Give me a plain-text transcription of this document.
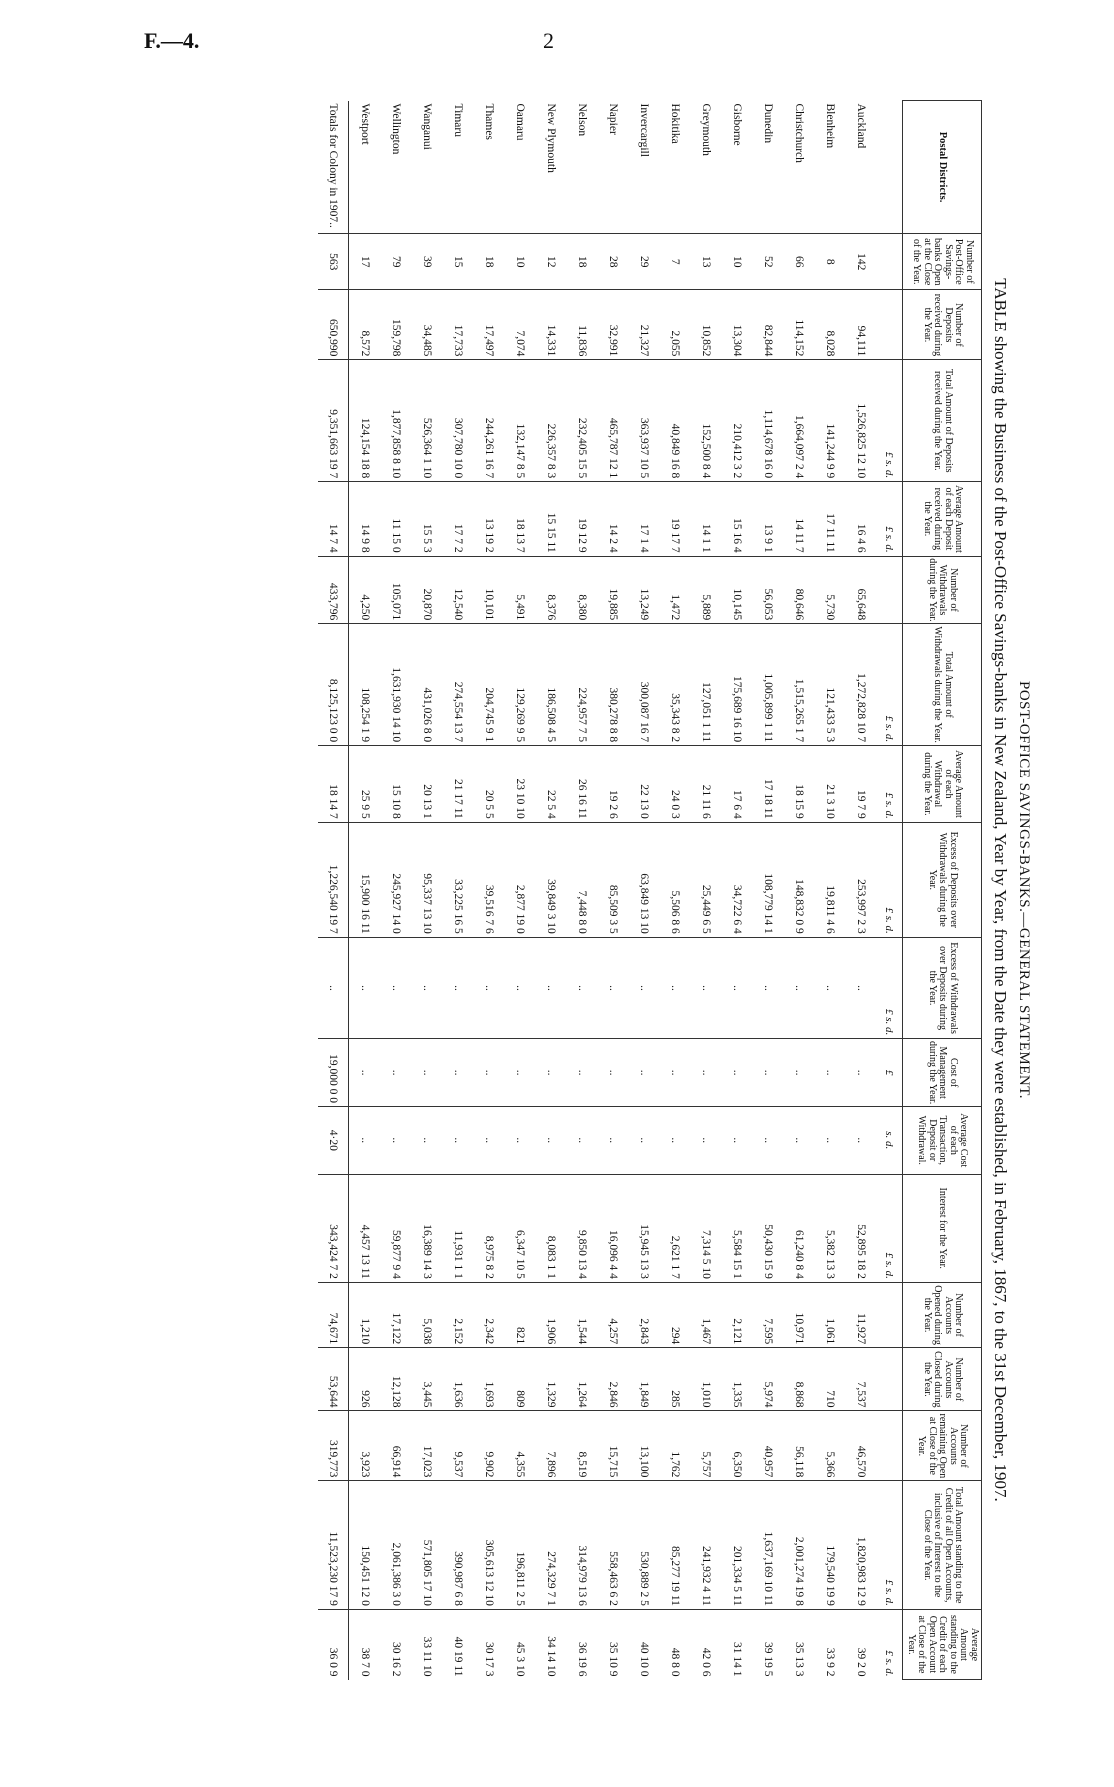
F.—4.	2
POST-OFFICE SAVINGS-BANKS.—GENERAL STATEMENT.
TABLE showing the Business of the Post-Office Savings-banks in New Zealand, Year by Year, from the Date they were established, in February, 1867, to the 31st December, 1907.
Postal Districts.	Number of Post-Office Savings-banks Open at the Close of the Year.	Number of Deposits received during the Year.	Total Amount of Deposits received during the Year.	Average Amount of each Deposit received during the Year.	Number of Withdrawals during the Year.	Total Amount of Withdrawals during the Year.	Average Amount of each Withdrawal during the Year.	Excess of Deposits over Withdrawals during the Year.	Excess of Withdrawals over Deposits during the Year.	Cost of Management during the Year.	Average Cost of each Transaction, Deposit or Withdrawal.	Interest for the Year.	Number of Accounts Opened during the Year.	Number of Accounts Closed during the Year.	Number of Accounts remaining Open at Close of the Year.	Total Amount standing to the Credit of all Open Accounts, inclusive of Interest to the Close of the Year.	Average Amount standing to the Credit of each Open Account at Close of the Year.
			£ s. d.	£ s. d.		£ s. d.	£ s. d.	£ s. d.	£ s. d.	£	s. d.	£ s. d.				£ s. d.	£ s. d.
Auckland	142	94,111	1,526,825 12 10	16 4 6	65,648	1,272,828 10 7	19 7 9	253,997 2 3	..	..	..	52,895 18 2	11,927	7,537	46,570	1,820,983 12 9	39 2 0
Blenheim	8	8,028	141,244 9 9	17 11 11	5,730	121,433 5 3	21 3 10	19,811 4 6	..	..	..	5,382 13 3	1,061	710	5,366	179,540 19 9	33 9 2
Christchurch	66	114,152	1,664,097 2 4	14 11 7	80,646	1,515,265 1 7	18 15 9	148,832 0 9	..	..	..	61,240 8 4	10,971	8,868	56,118	2,001,274 19 8	35 13 3
Dunedin	52	82,844	1,114,678 16 0	13 9 1	56,053	1,005,899 1 11	17 18 11	108,779 14 1	..	..	..	50,430 15 9	7,595	5,974	40,957	1,637,169 10 11	39 19 5
Gisborne	10	13,304	210,412 3 2	15 16 4	10,145	175,689 16 10	17 6 4	34,722 6 4	..	..	..	5,584 15 1	2,121	1,335	6,350	201,334 5 11	31 14 1
Greymouth	13	10,852	152,500 8 4	14 1 1	5,889	127,051 1 11	21 11 6	25,449 6 5	..	..	..	7,314 5 10	1,467	1,010	5,757	241,932 4 11	42 0 6
Hokitika	7	2,055	40,849 16 8	19 17 7	1,472	35,343 8 2	24 0 3	5,506 8 6	..	..	..	2,621 1 7	294	285	1,762	85,277 19 11	48 8 0
Invercargill	29	21,327	363,937 10 5	17 1 4	13,249	300,087 16 7	22 13 0	63,849 13 10	..	..	..	15,945 13 3	2,843	1,849	13,100	530,889 2 5	40 10 0
Napier	28	32,991	465,787 12 1	14 2 4	19,885	380,278 8 8	19 2 6	85,509 3 5	..	..	..	16,096 4 4	4,257	2,846	15,715	558,463 6 2	35 10 9
Nelson	18	11,836	232,405 15 5	19 12 9	8,380	224,957 7 5	26 16 11	7,448 8 0	..	..	..	9,850 13 4	1,544	1,264	8,519	314,979 13 6	36 19 6
New Plymouth	12	14,331	226,357 8 3	15 15 11	8,376	186,508 4 5	22 5 4	39,849 3 10	..	..	..	8,083 1 1	1,906	1,329	7,896	274,329 7 1	34 14 10
Oamaru	10	7,074	132,147 8 5	18 13 7	5,491	129,269 9 5	23 10 10	2,877 19 0	..	..	..	6,347 10 5	821	809	4,355	196,811 2 5	45 3 10
Thames	18	17,497	244,261 16 7	13 19 2	10,101	204,745 9 1	20 5 5	39,516 7 6	..	..	..	8,975 8 2	2,342	1,693	9,902	305,613 12 10	30 17 3
Timaru	15	17,733	307,780 10 0	17 7 2	12,540	274,554 13 7	21 17 11	33,225 16 5	..	..	..	11,931 1 1	2,152	1,636	9,537	390,987 6 8	40 19 11
Wanganui	39	34,485	526,364 1 10	15 5 3	20,870	431,026 8 0	20 13 1	95,337 13 10	..	..	..	16,389 14 3	5,038	3,445	17,023	571,805 17 10	33 11 10
Wellington	79	159,798	1,877,858 8 10	11 15 0	105,071	1,631,930 14 10	15 10 8	245,927 14 0	..	..	..	59,877 9 4	17,122	12,128	66,914	2,061,386 3 0	30 16 2
Westport	17	8,572	124,154 18 8	14 9 8	4,250	108,254 1 9	25 9 5	15,900 16 11	..	..	..	4,457 13 11	1,210	926	3,923	150,451 12 0	38 7 0
Totals for Colony in 1907..	563	650,990	9,351,663 19 7	14 7 4	433,796	8,125,123 0 0	18 14 7	1,226,540 19 7	..	19,000 0 0	4·20	343,424 7 2	74,671	53,644	319,773	11,523,230 17 9	36 0 9
